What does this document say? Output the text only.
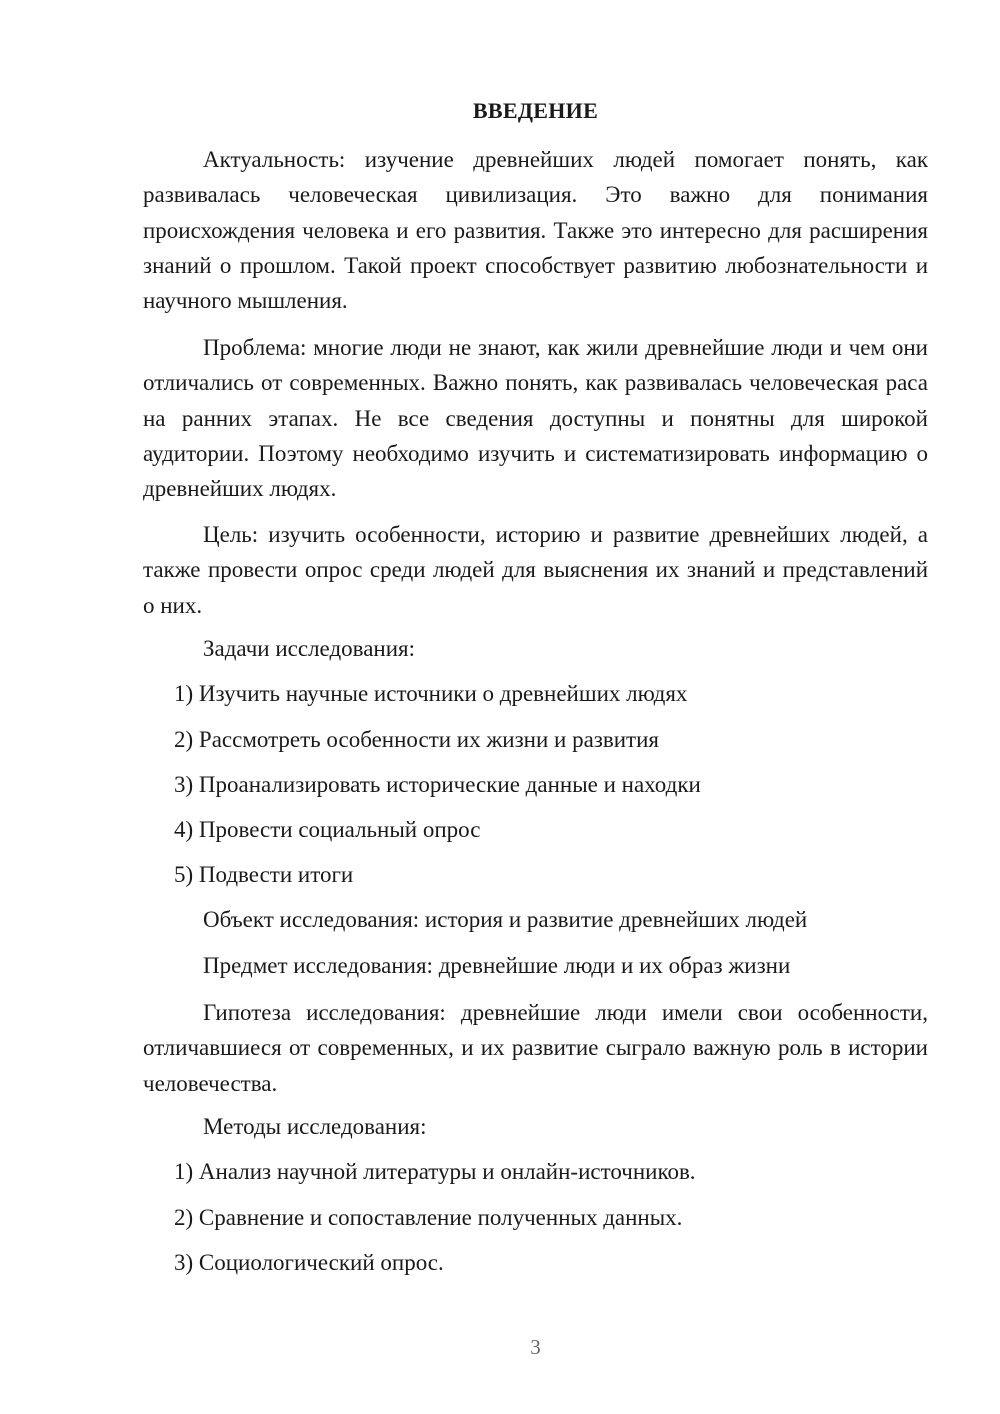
ВВЕДЕНИЕ

Актуальность: изучение древнейших людей помогает понять, как развивалась человеческая цивилизация. Это важно для понимания происхождения человека и его развития. Также это интересно для расширения знаний о прошлом. Такой проект способствует развитию любознательности и научного мышления.

Проблема: многие люди не знают, как жили древнейшие люди и чем они отличались от современных. Важно понять, как развивалась человеческая раса на ранних этапах. Не все сведения доступны и понятны для широкой аудитории. Поэтому необходимо изучить и систематизировать информацию о древнейших людях.

Цель: изучить особенности, историю и развитие древнейших людей, а также провести опрос среди людей для выяснения их знаний и представлений о них.

Задачи исследования:
1) Изучить научные источники о древнейших людях
2) Рассмотреть особенности их жизни и развития
3) Проанализировать исторические данные и находки
4) Провести социальный опрос
5) Подвести итоги
Объект исследования: история и развитие древнейших людей
Предмет исследования: древнейшие люди и их образ жизни

Гипотеза исследования: древнейшие люди имели свои особенности, отличавшиеся от современных, и их развитие сыграло важную роль в истории человечества.

Методы исследования:
1) Анализ научной литературы и онлайн-источников.
2) Сравнение и сопоставление полученных данных.
3) Социологический опрос.
3
